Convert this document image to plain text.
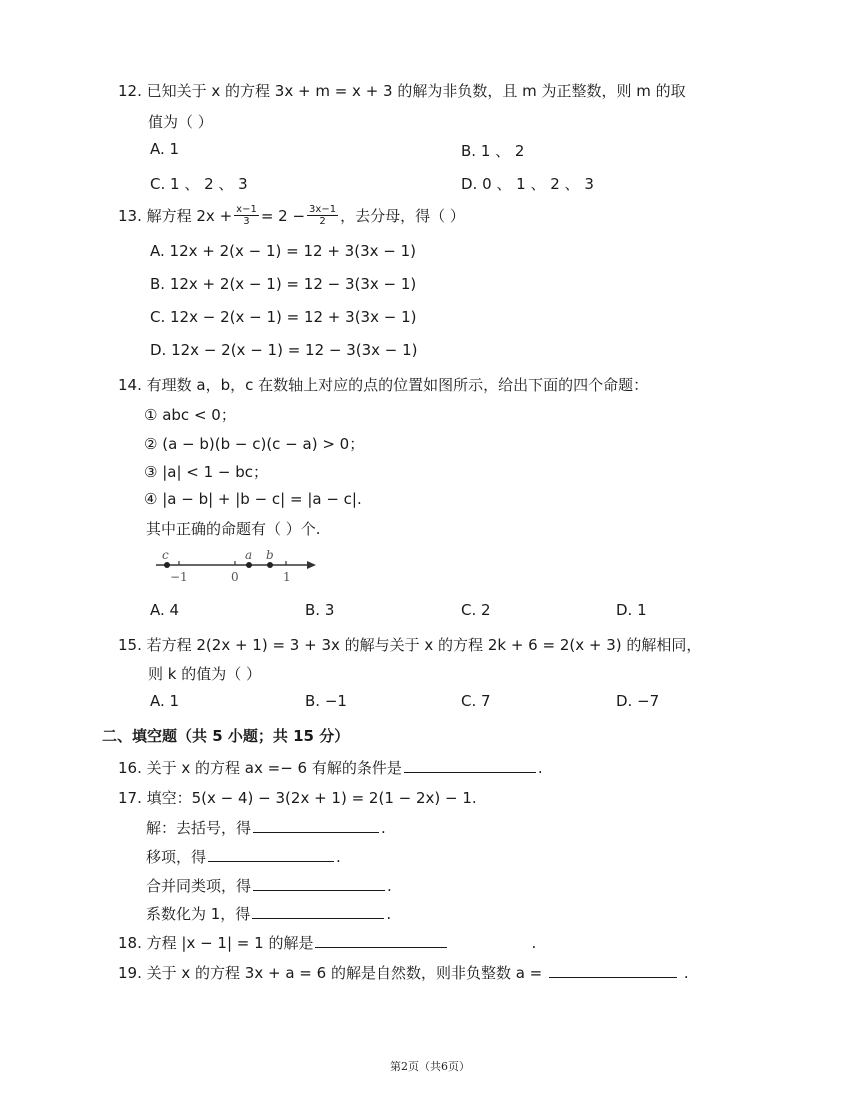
12. 已知关于 x 的方程 3x + m = x + 3 的解为非负数，且 m 为正整数，则 m 的取
值为（ ）
A. 1	B. 1 、 2
C. 1 、 2 、 3	D. 0 、 1 、 2 、 3
13. 解方程 $2x + \frac{x-1}{3} = 2 - \frac{3x-1}{2}$ ，去分母，得（ ）
A. 12x + 2(x − 1) = 12 + 3(3x − 1)
B. 12x + 2(x − 1) = 12 − 3(3x − 1)
C. 12x − 2(x − 1) = 12 + 3(3x − 1)
D. 12x − 2(x − 1) = 12 − 3(3x − 1)
14. 有理数 a，b，c 在数轴上对应的点的位置如图所示，给出下面的四个命题：
① abc < 0；
② (a − b)(b − c)(c − a) > 0；
③ |a| < 1 − bc；
④ |a − b| + |b − c| = |a − c|.
其中正确的命题有（ ）个.
c	a b
−1	0	1
A. 4	B. 3	C. 2	D. 1
15. 若方程 2(2x + 1) = 3 + 3x 的解与关于 x 的方程 2k + 6 = 2(x + 3) 的解相同，
则 k 的值为（ ）
A. 1	B. −1	C. 7	D. −7
二、填空题（共 5 小题；共 15 分）
16. 关于 x 的方程 ax =− 6 有解的条件是	.
17. 填空：5(x − 4) − 3(2x + 1) = 2(1 − 2x) − 1.
解：去括号，得	.
移项，得	.
合并同类项，得	.
系数化为 1，得	.
18. 方程 |x − 1| = 1 的解是	.
19. 关于 x 的方程 3x + a = 6 的解是自然数，则非负整数 a =	.
第2页（共6页）
